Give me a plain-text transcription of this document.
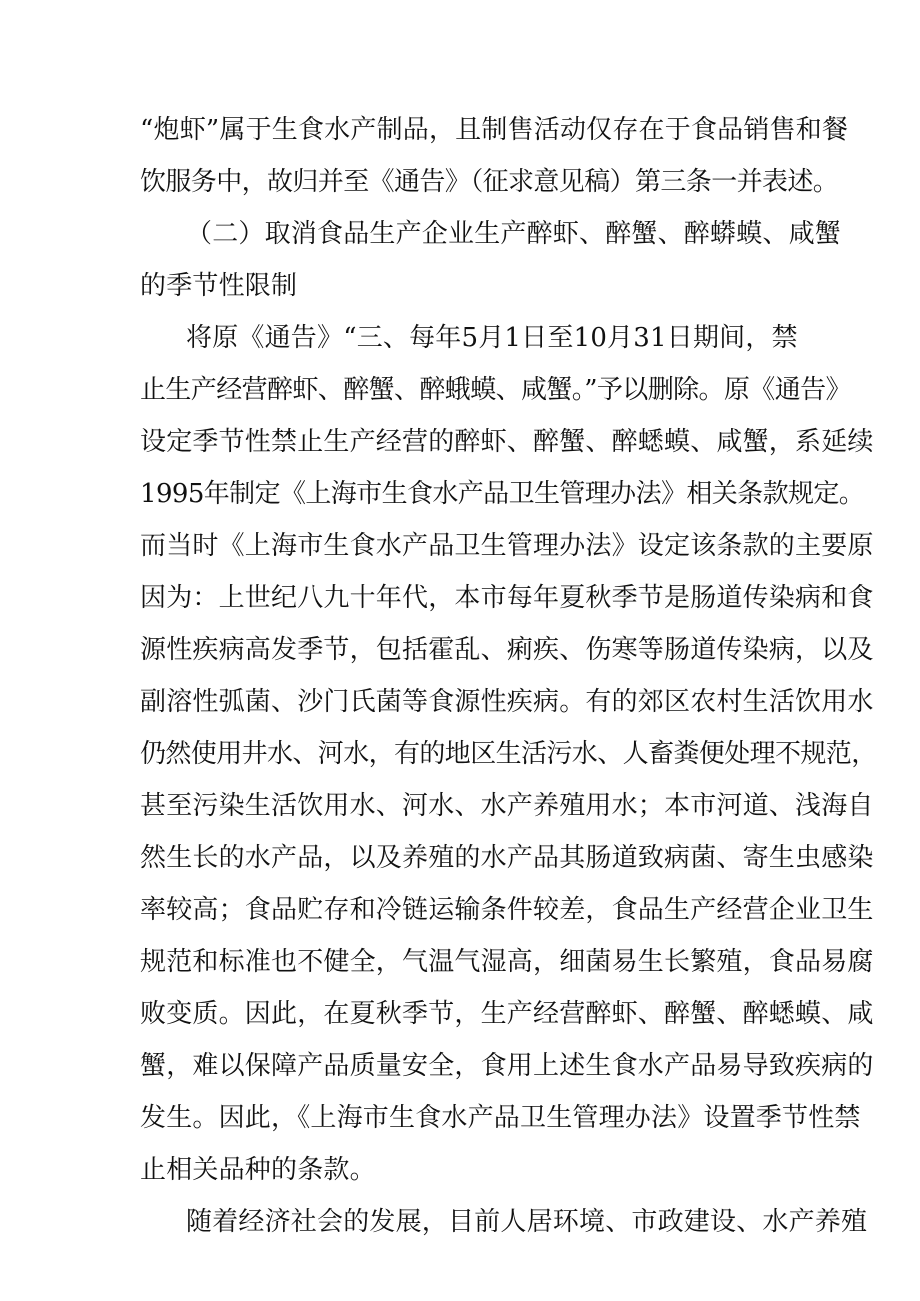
“炮虾”属于生食水产制品，且制售活动仅存在于食品销售和餐
饮服务中，故归并至《通告》（征求意见稿）第三条一并表述。
（二）取消食品生产企业生产醉虾、醉蟹、醉蟒蟆、咸蟹
的季节性限制
将原《通告》“三、每年5月1日至10月31日期间，禁
止生产经营醉虾、醉蟹、醉蛾蟆、咸蟹。”予以删除。原《通告》
设定季节性禁止生产经营的醉虾、醉蟹、醉蟋蟆、咸蟹，系延续
1995年制定《上海市生食水产品卫生管理办法》相关条款规定。
而当时《上海市生食水产品卫生管理办法》设定该条款的主要原
因为：上世纪八九十年代，本市每年夏秋季节是肠道传染病和食
源性疾病高发季节，包括霍乱、痢疾、伤寒等肠道传染病，以及
副溶性弧菌、沙门氏菌等食源性疾病。有的郊区农村生活饮用水
仍然使用井水、河水，有的地区生活污水、人畜粪便处理不规范，
甚至污染生活饮用水、河水、水产养殖用水；本市河道、浅海自
然生长的水产品，以及养殖的水产品其肠道致病菌、寄生虫感染
率较高；食品贮存和冷链运输条件较差，食品生产经营企业卫生
规范和标准也不健全，气温气湿高，细菌易生长繁殖，食品易腐
败变质。因此，在夏秋季节，生产经营醉虾、醉蟹、醉蟋蟆、咸
蟹，难以保障产品质量安全，食用上述生食水产品易导致疾病的
发生。因此，《上海市生食水产品卫生管理办法》设置季节性禁
止相关品种的条款。
随着经济社会的发展，目前人居环境、市政建设、水产养殖
